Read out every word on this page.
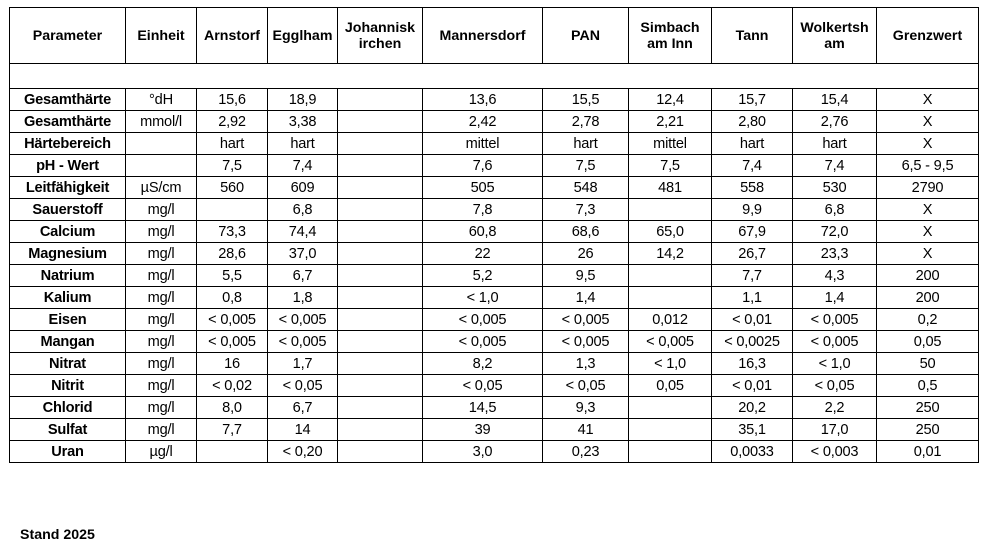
Parameter	Einheit	Arnstorf	Egglham	Johannisk irchen	Mannersdorf	PAN	Simbach am Inn	Tann	Wolkertsh am	Grenzwert

Gesamthärte	°dH	15,6	18,9		13,6	15,5	12,4	15,7	15,4	X
Gesamthärte	mmol/l	2,92	3,38		2,42	2,78	2,21	2,80	2,76	X
Härtebereich		hart	hart		mittel	hart	mittel	hart	hart	X
pH - Wert		7,5	7,4		7,6	7,5	7,5	7,4	7,4	6,5 - 9,5
Leitfähigkeit	µS/cm	560	609		505	548	481	558	530	2790
Sauerstoff	mg/l		6,8		7,8	7,3		9,9	6,8	X
Calcium	mg/l	73,3	74,4		60,8	68,6	65,0	67,9	72,0	X
Magnesium	mg/l	28,6	37,0		22	26	14,2	26,7	23,3	X
Natrium	mg/l	5,5	6,7		5,2	9,5		7,7	4,3	200
Kalium	mg/l	0,8	1,8		< 1,0	1,4		1,1	1,4	200
Eisen	mg/l	< 0,005	< 0,005		< 0,005	< 0,005	0,012	< 0,01	< 0,005	0,2
Mangan	mg/l	< 0,005	< 0,005		< 0,005	< 0,005	< 0,005	< 0,0025	< 0,005	0,05
Nitrat	mg/l	16	1,7		8,2	1,3	< 1,0	16,3	< 1,0	50
Nitrit	mg/l	< 0,02	< 0,05		< 0,05	< 0,05	0,05	< 0,01	< 0,05	0,5
Chlorid	mg/l	8,0	6,7		14,5	9,3		20,2	2,2	250
Sulfat	mg/l	7,7	14		39	41		35,1	17,0	250
Uran	µg/l		< 0,20		3,0	0,23		0,0033	< 0,003	0,01
Stand 2025
